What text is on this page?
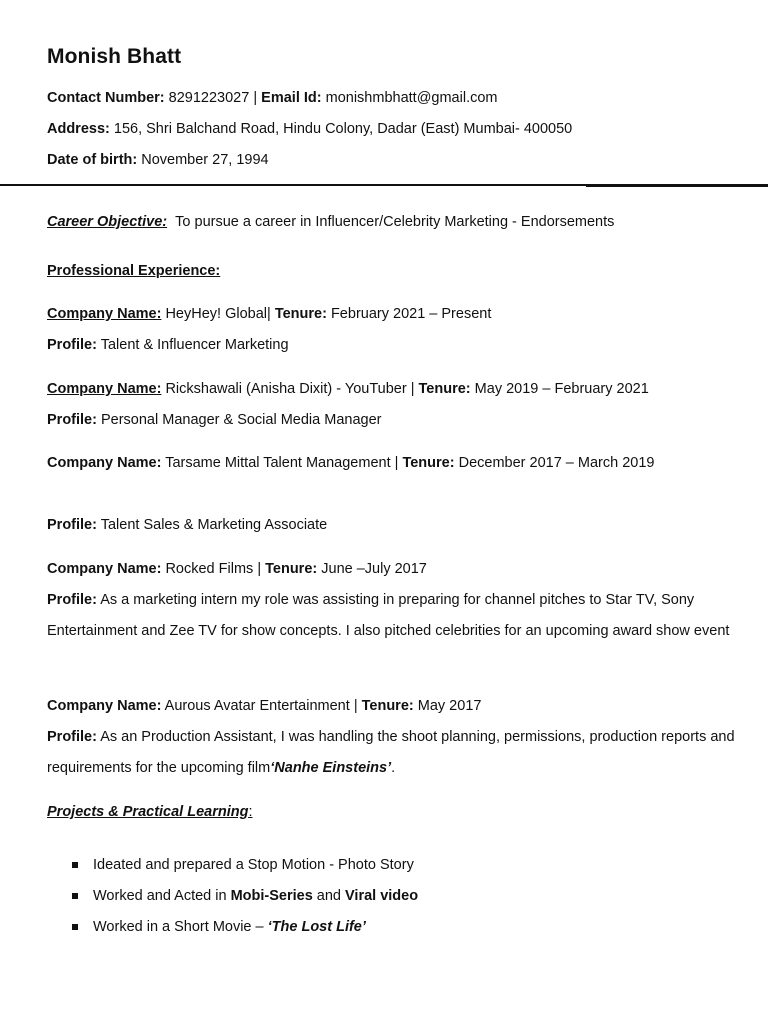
Monish Bhatt
Contact Number: 8291223027 | Email Id: monishmbhatt@gmail.com
Address: 156, Shri Balchand Road, Hindu Colony, Dadar (East) Mumbai- 400050
Date of birth: November 27, 1994
Career Objective: To pursue a career in Influencer/Celebrity Marketing - Endorsements
Professional Experience:
Company Name: HeyHey! Global| Tenure: February 2021 – Present
Profile: Talent & Influencer Marketing
Company Name: Rickshawali (Anisha Dixit) - YouTuber | Tenure: May 2019 – February 2021
Profile: Personal Manager & Social Media Manager
Company Name: Tarsame Mittal Talent Management | Tenure: December 2017 – March 2019
Profile: Talent Sales & Marketing Associate
Company Name: Rocked Films | Tenure: June –July 2017
Profile: As a marketing intern my role was assisting in preparing for channel pitches to Star TV, Sony Entertainment and Zee TV for show concepts. I also pitched celebrities for an upcoming award show event
Company Name: Aurous Avatar Entertainment | Tenure: May 2017
Profile: As an Production Assistant, I was handling the shoot planning, permissions, production reports and requirements for the upcoming film‘Nanhe Einsteins’.
Projects & Practical Learning:
Ideated and prepared a Stop Motion - Photo Story
Worked and Acted in Mobi-Series and Viral video
Worked in a Short Movie – ‘The Lost Life’
